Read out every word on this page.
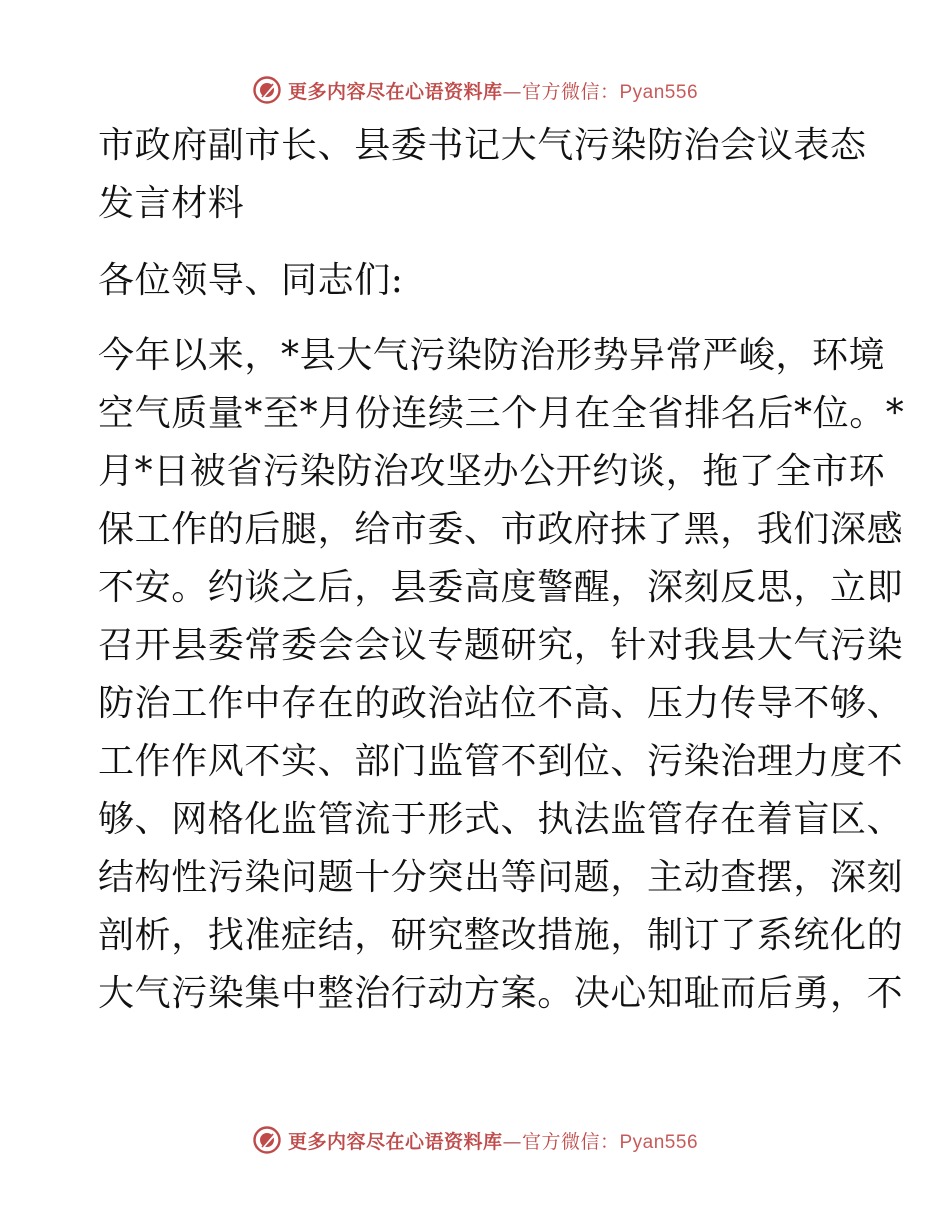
更多内容尽在心语资料库—官方微信：Pyan556
市政府副市长、县委书记大气污染防治会议表态
发言材料
各位领导、同志们:
今年以来，*县大气污染防治形势异常严峻，环境
空气质量*至*月份连续三个月在全省排名后*位。*
月*日被省污染防治攻坚办公开约谈，拖了全市环
保工作的后腿，给市委、市政府抹了黑，我们深感
不安。约谈之后，县委高度警醒，深刻反思，立即
召开县委常委会会议专题研究，针对我县大气污染
防治工作中存在的政治站位不高、压力传导不够、
工作作风不实、部门监管不到位、污染治理力度不
够、网格化监管流于形式、执法监管存在着盲区、
结构性污染问题十分突出等问题，主动查摆，深刻
剖析，找准症结，研究整改措施，制订了系统化的
大气污染集中整治行动方案。决心知耻而后勇，不
更多内容尽在心语资料库—官方微信：Pyan556
